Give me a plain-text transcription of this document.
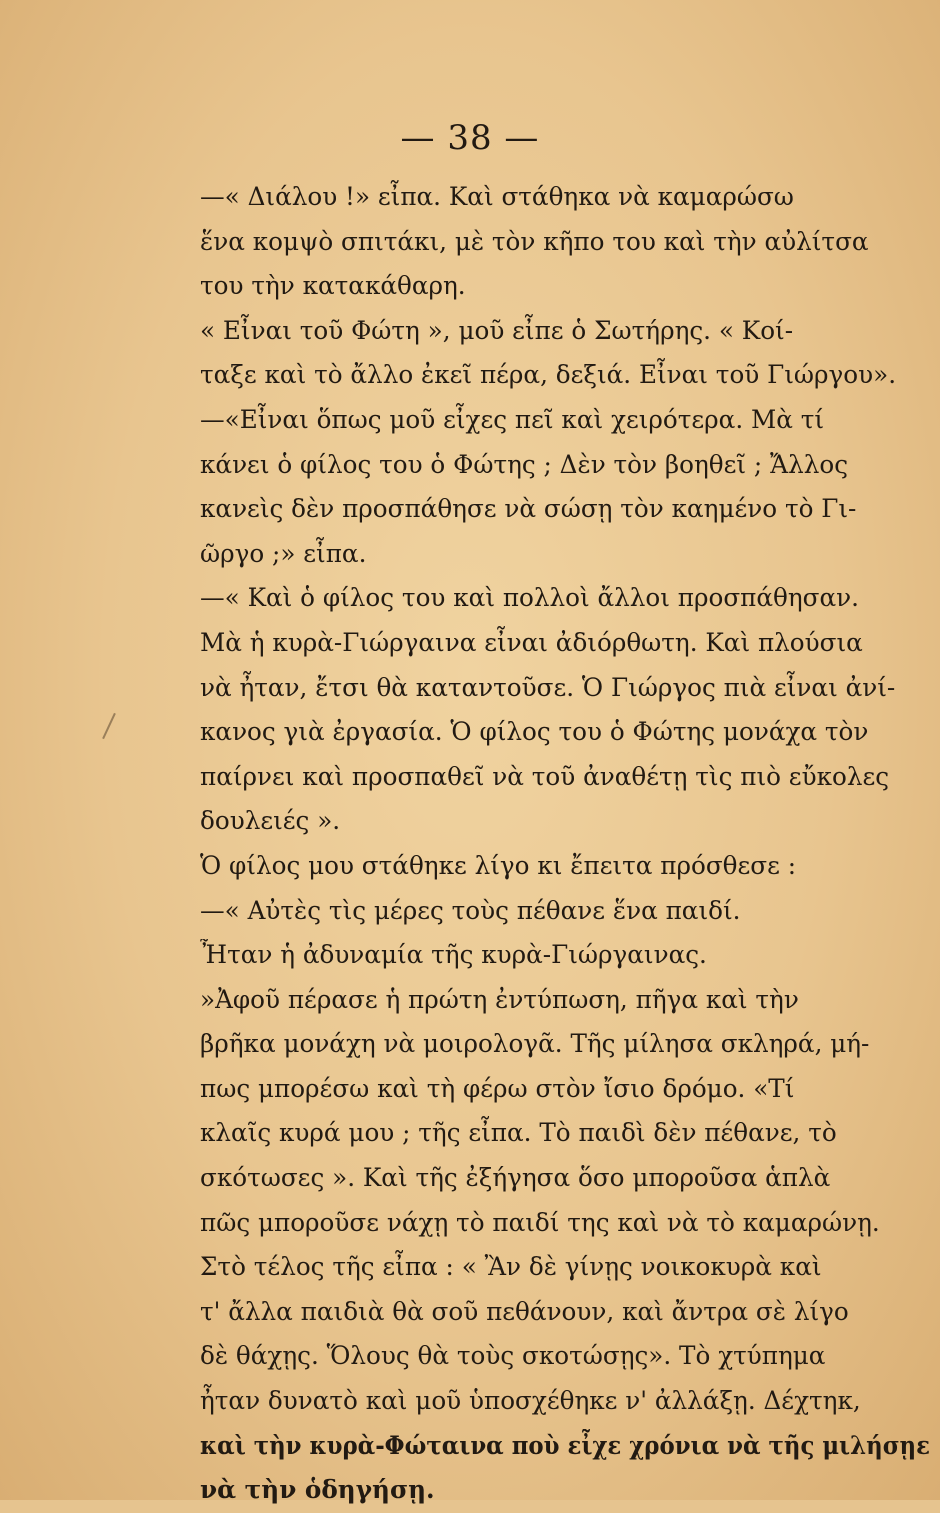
— 38 —
—« Διάλου !» εἶπα. Καὶ στάθηκα νὰ καμαρώσω
ἕνα κομψὸ σπιτάκι, μὲ τὸν κῆπο του καὶ τὴν αὐλίτσα
του τὴν κατακάθαρη.
« Εἶναι τοῦ Φώτη », μοῦ εἶπε ὁ Σωτήρης. « Κοί-
ταξε καὶ τὸ ἄλλο ἐκεῖ πέρα, δεξιά. Εἶναι τοῦ Γιώργου».
—«Εἶναι ὅπως μοῦ εἶχες πεῖ καὶ χειρότερα. Μὰ τί
κάνει ὁ φίλος του ὁ Φώτης ; Δὲν τὸν βοηθεῖ ; Ἄλλος
κανεὶς δὲν προσπάθησε νὰ σώσῃ τὸν καημένο τὸ Γι-
ῶργο ;» εἶπα.
—« Καὶ ὁ φίλος του καὶ πολλοὶ ἄλλοι προσπάθησαν.
Μὰ ἡ κυρὰ-Γιώργαινα εἶναι ἀδιόρθωτη. Καὶ πλούσια
νὰ ἦταν, ἔτσι θὰ καταντοῦσε. Ὁ Γιώργος πιὰ εἶναι ἀνί-
κανος γιὰ ἐργασία. Ὁ φίλος του ὁ Φώτης μονάχα τὸν
παίρνει καὶ προσπαθεῖ νὰ τοῦ ἀναθέτῃ τὶς πιὸ εὔκολες
δουλειές ».
Ὁ φίλος μου στάθηκε λίγο κι ἔπειτα πρόσθεσε :
—« Αὐτὲς τὶς μέρες τοὺς πέθανε ἕνα παιδί.
Ἦταν ἡ ἀδυναμία τῆς κυρὰ-Γιώργαινας.
»Ἀφοῦ πέρασε ἡ πρώτη ἐντύπωση, πῆγα καὶ τὴν
βρῆκα μονάχη νὰ μοιρολογᾶ. Τῆς μίλησα σκληρά, μή-
πως μπορέσω καὶ τὴ φέρω στὸν ἴσιο δρόμο. «Τί
κλαῖς κυρά μου ; τῆς εἶπα. Τὸ παιδὶ δὲν πέθανε, τὸ
σκότωσες ». Καὶ τῆς ἐξήγησα ὅσο μποροῦσα ἁπλὰ
πῶς μποροῦσε νάχῃ τὸ παιδί της καὶ νὰ τὸ καμαρώνῃ.
Στὸ τέλος τῆς εἶπα : « Ἂν δὲ γίνῃς νοικοκυρὰ καὶ
τ' ἄλλα παιδιὰ θὰ σοῦ πεθάνουν, καὶ ἄντρα σὲ λίγο
δὲ θάχῃς. Ὅλους θὰ τοὺς σκοτώσῃς». Τὸ χτύπημα
ἦταν δυνατὸ καὶ μοῦ ὑποσχέθηκε ν' ἀλλάξῃ. Δέχτηκ,
καὶ τὴν κυρὰ-Φώταινα ποὺ εἶχε χρόνια νὰ τῆς μιλήσῃε
νὰ τὴν ὁδηγήσῃ.
